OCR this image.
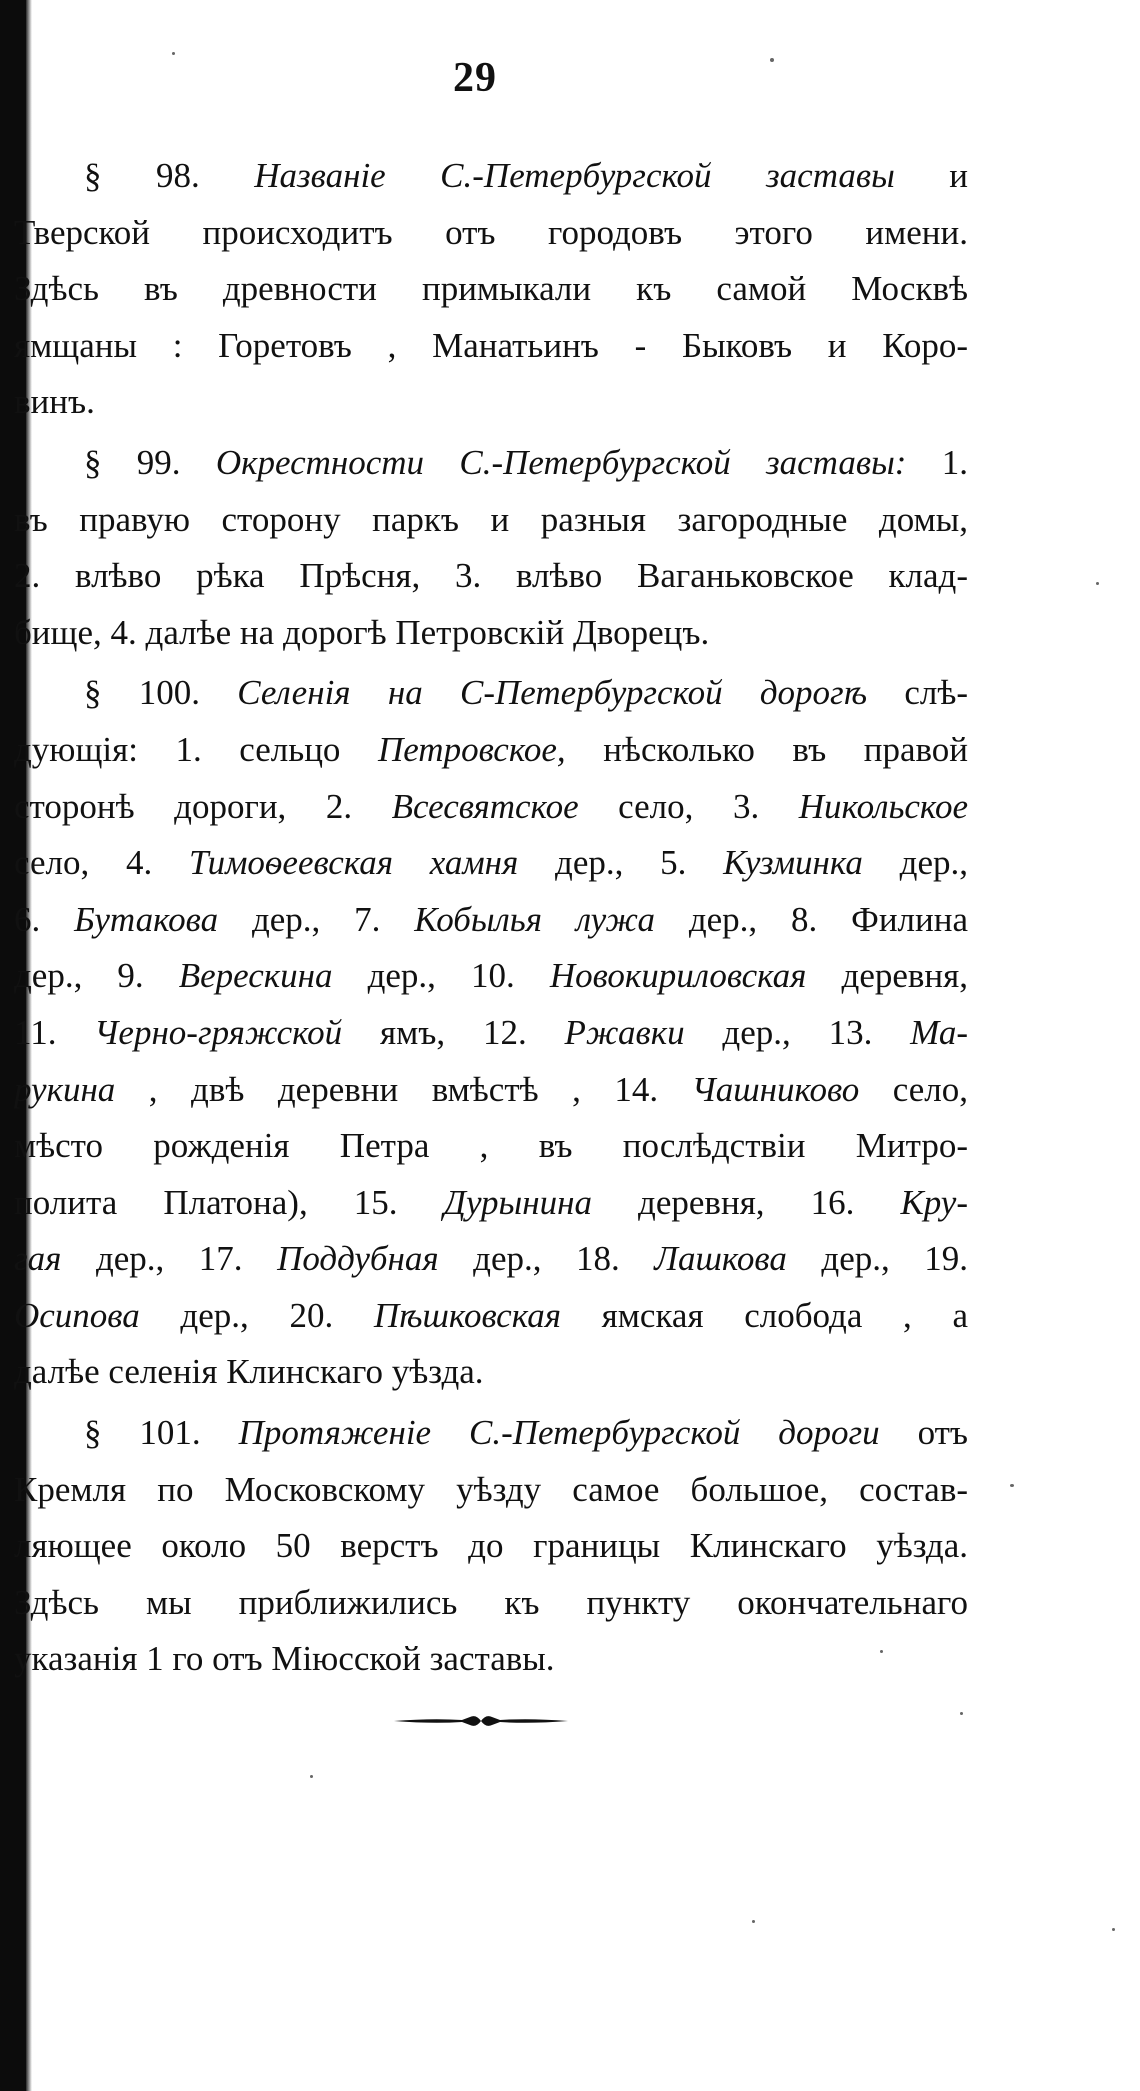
29
§ 98. Названіе С.-Петербургской заставы и
Тверской происходитъ отъ городовъ этого имени.
Здѣсь въ древности примыкали къ самой Москвѣ
ямщаны : Горетовъ , Манатьинъ - Быковъ и Коро-
винъ.
§ 99. Окрестности С.-Петербургской заставы: 1.
въ правую сторону паркъ и разныя загородные домы,
2. влѣво рѣка Прѣсня, 3. влѣво Ваганьковское клад-
бище, 4. далѣе на дорогѣ Петровскій Дворецъ.
§ 100. Селенія на С-Петербургской дорогѣ слѣ-
дующія: 1. сельцо Петровское, нѣсколько въ правой
сторонѣ дороги, 2. Всесвятское село, 3. Никольское
село, 4. Тимоѳеевская хамня дер., 5. Кузминка дер.,
6. Бутакова дер., 7. Кобылья лужа дер., 8. Филина
дер., 9. Верескина дер., 10. Новокириловская деревня,
11. Черно-гряжской ямъ, 12. Ржавки дер., 13. Ма-
рукина , двѣ деревни вмѣстѣ , 14. Чашниково село,
мѣсто рожденія Петра , въ послѣдствіи Митро-
полита Платона), 15. Дурынина деревня, 16. Кру-
гая дер., 17. Поддубная дер., 18. Лашкова дер., 19.
Осипова дер., 20. Пѣшковская ямская слобода , а
далѣе селенія Клинскаго уѣзда.
§ 101. Протяженіе С.-Петербургской дороги отъ
Кремля по Московскому уѣзду самое большое, состав-
ляющее около 50 верстъ до границы Клинскаго уѣзда.
Здѣсь мы приближились къ пункту окончательнаго
указанія 1 го отъ Міюсской заставы.
